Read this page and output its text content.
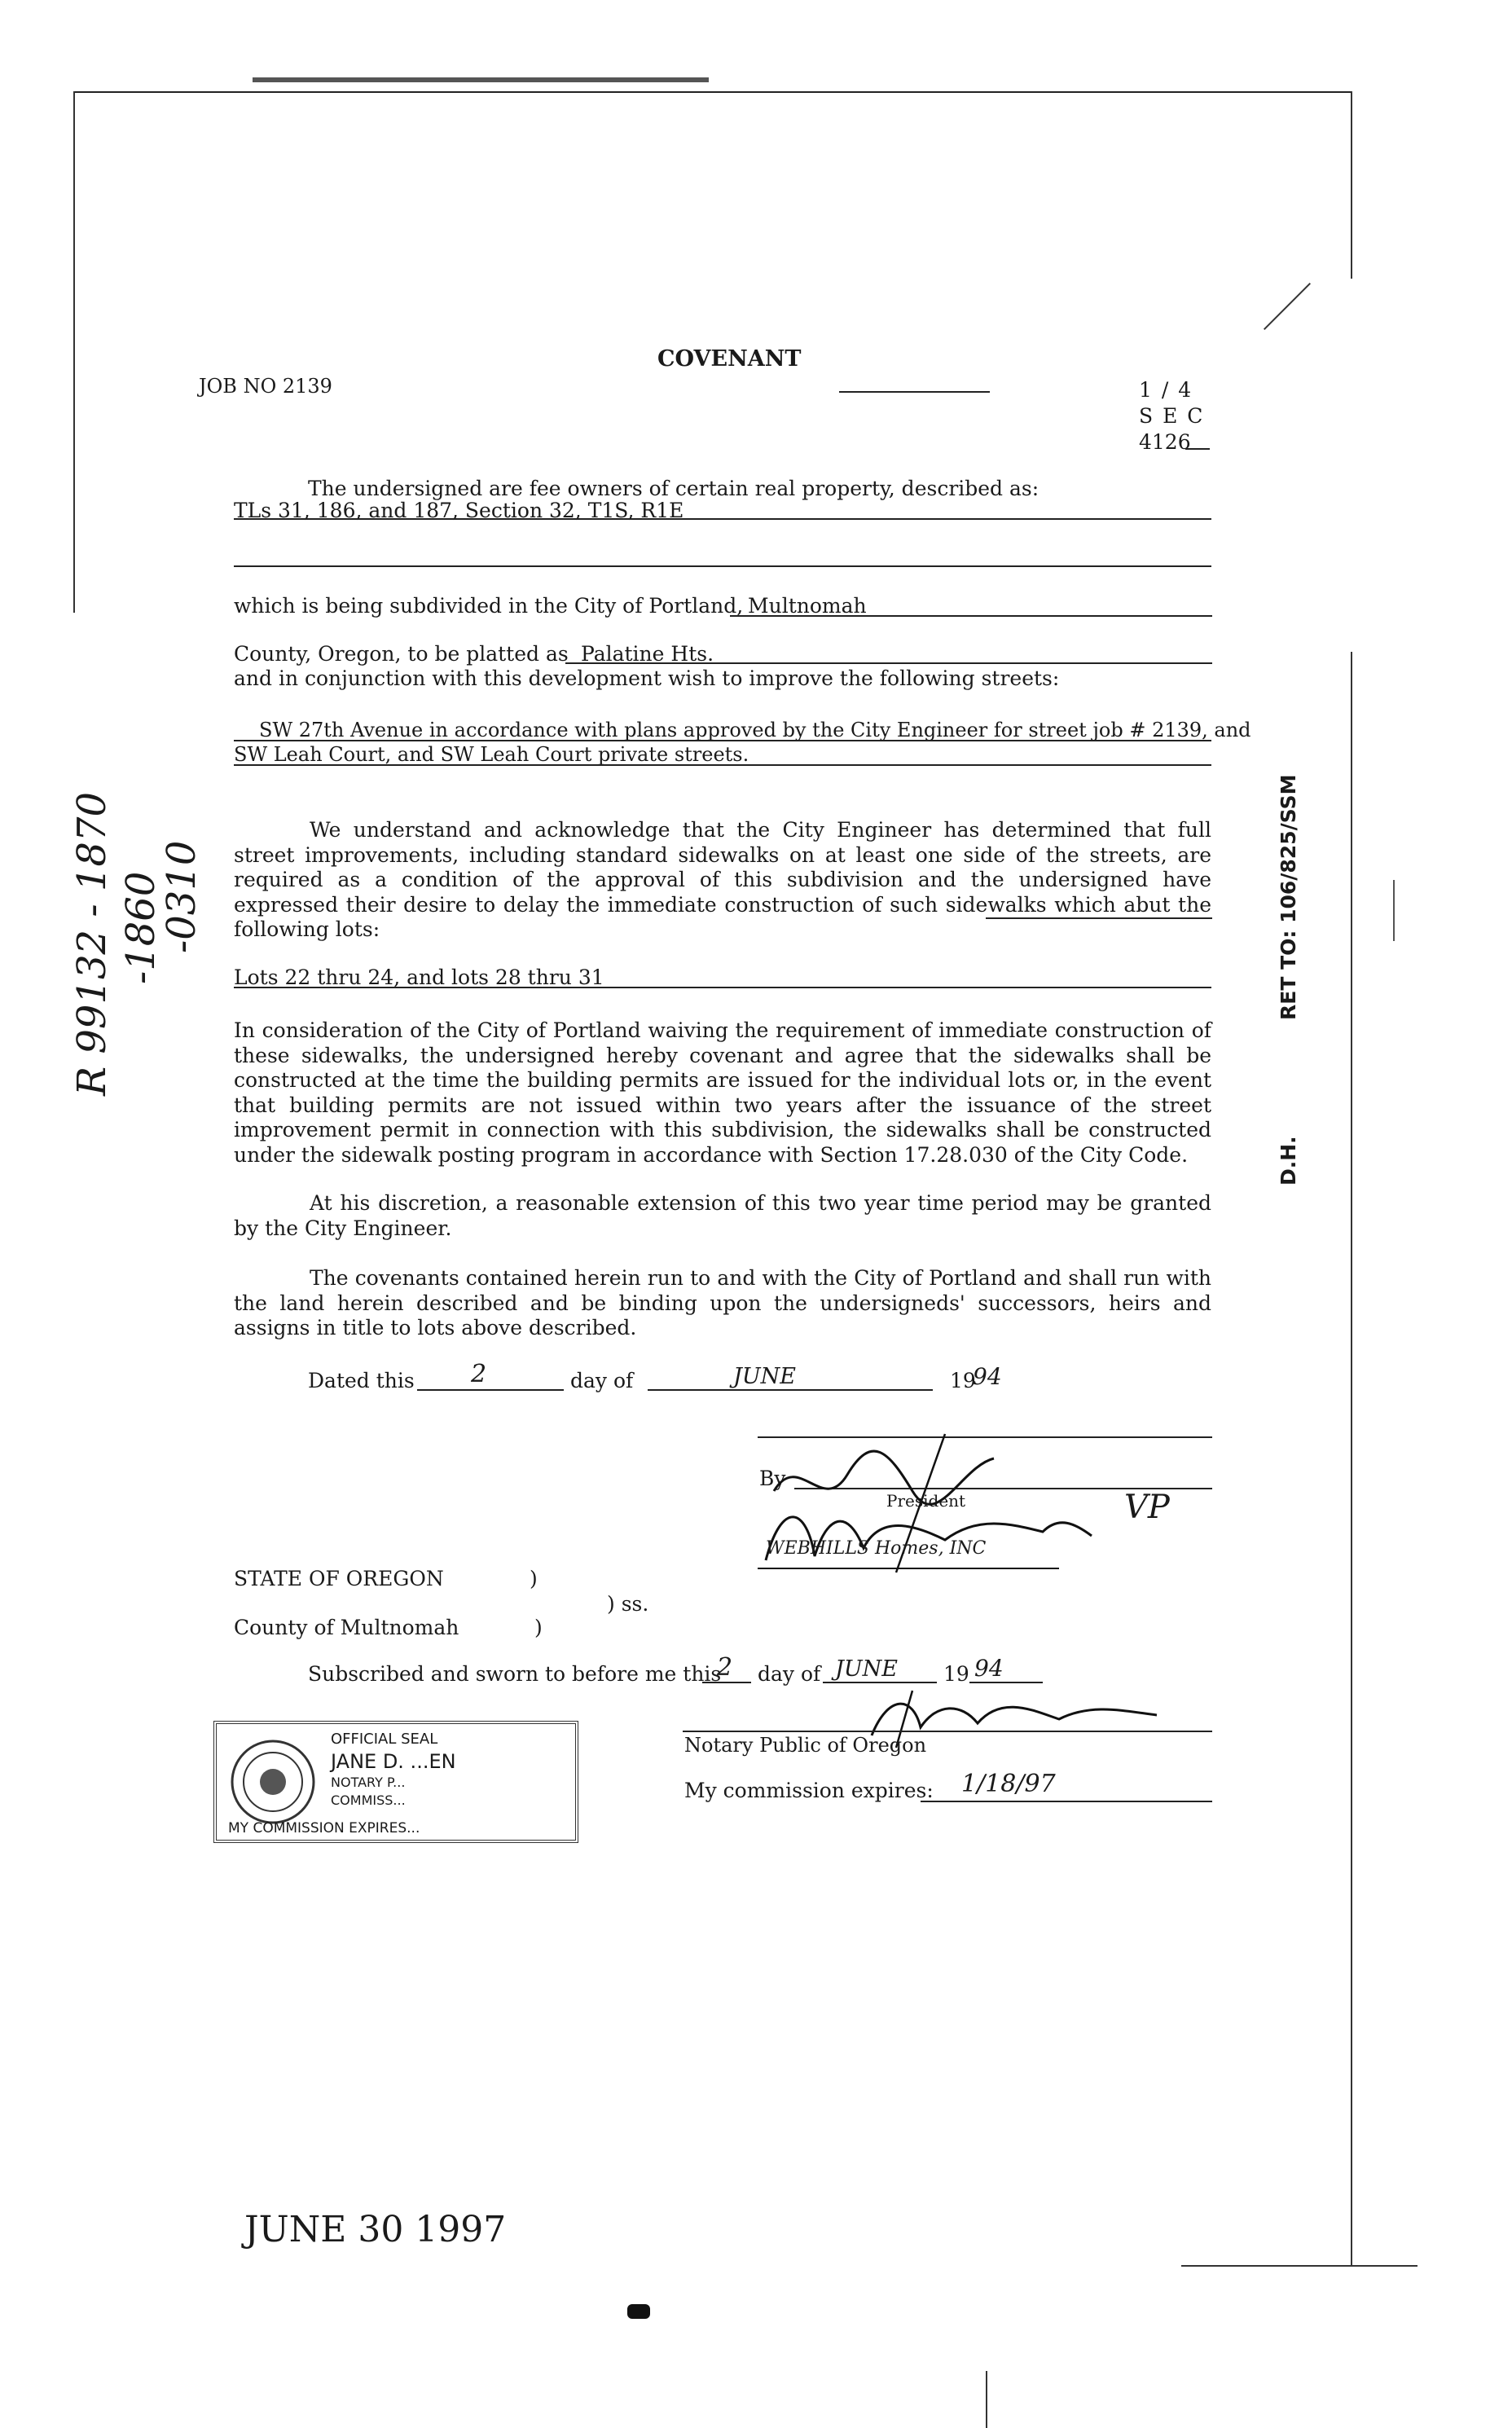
JOB NO 2139
COVENANT
1 / 4
S E C
4126
The undersigned are fee owners of certain real property, described as:
TLs 31, 186, and 187, Section 32, T1S, R1E
which is being subdivided in the City of Portland, Multnomah
County, Oregon, to be platted as Palatine Hts.
and in conjunction with this development wish to improve the following streets:
SW 27th Avenue in accordance with plans approved by the City Engineer for street job # 2139, and
SW Leah Court, and SW Leah Court private streets.
We understand and acknowledge that the City Engineer has determined that full street improvements, including standard sidewalks on at least one side of the streets, are required as a condition of the approval of this subdivision and the undersigned have expressed their desire to delay the immediate construction of such sidewalks which abut the following lots:
Lots 22 thru 24, and lots 28 thru 31
In consideration of the City of Portland waiving the requirement of immediate construction of these sidewalks, the undersigned hereby covenant and agree that the sidewalks shall be constructed at the time the building permits are issued for the individual lots or, in the event that building permits are not issued within two years after the issuance of the street improvement permit in connection with this subdivision, the sidewalks shall be constructed under the sidewalk posting program in accordance with Section 17.28.030 of the City Code.
At his discretion, a reasonable extension of this two year time period may be granted by the City Engineer.
The covenants contained herein run to and with the City of Portland and shall run with the land herein described and be binding upon the undersigneds' successors, heirs and assigns in title to lots above described.
Dated this 2	day of	JUNE	19
94
By
President	VP
WEBHILLS Homes, INC
STATE OF OREGON	)
) ss.
County of Multnomah	)
Subscribed and sworn to before me this
2 day of JUNE 19 94
Notary Public of Oregon
My commission expires: 1/18/97
OFFICIAL SEAL
JANE D. ...EN
NOTARY P...
COMMISS...
MY COMMISSION EXPIRES...
R 99132 - 1870 -1860
-0310	RET TO: 106/825/SSM
D.H.
JUNE 30 1997
